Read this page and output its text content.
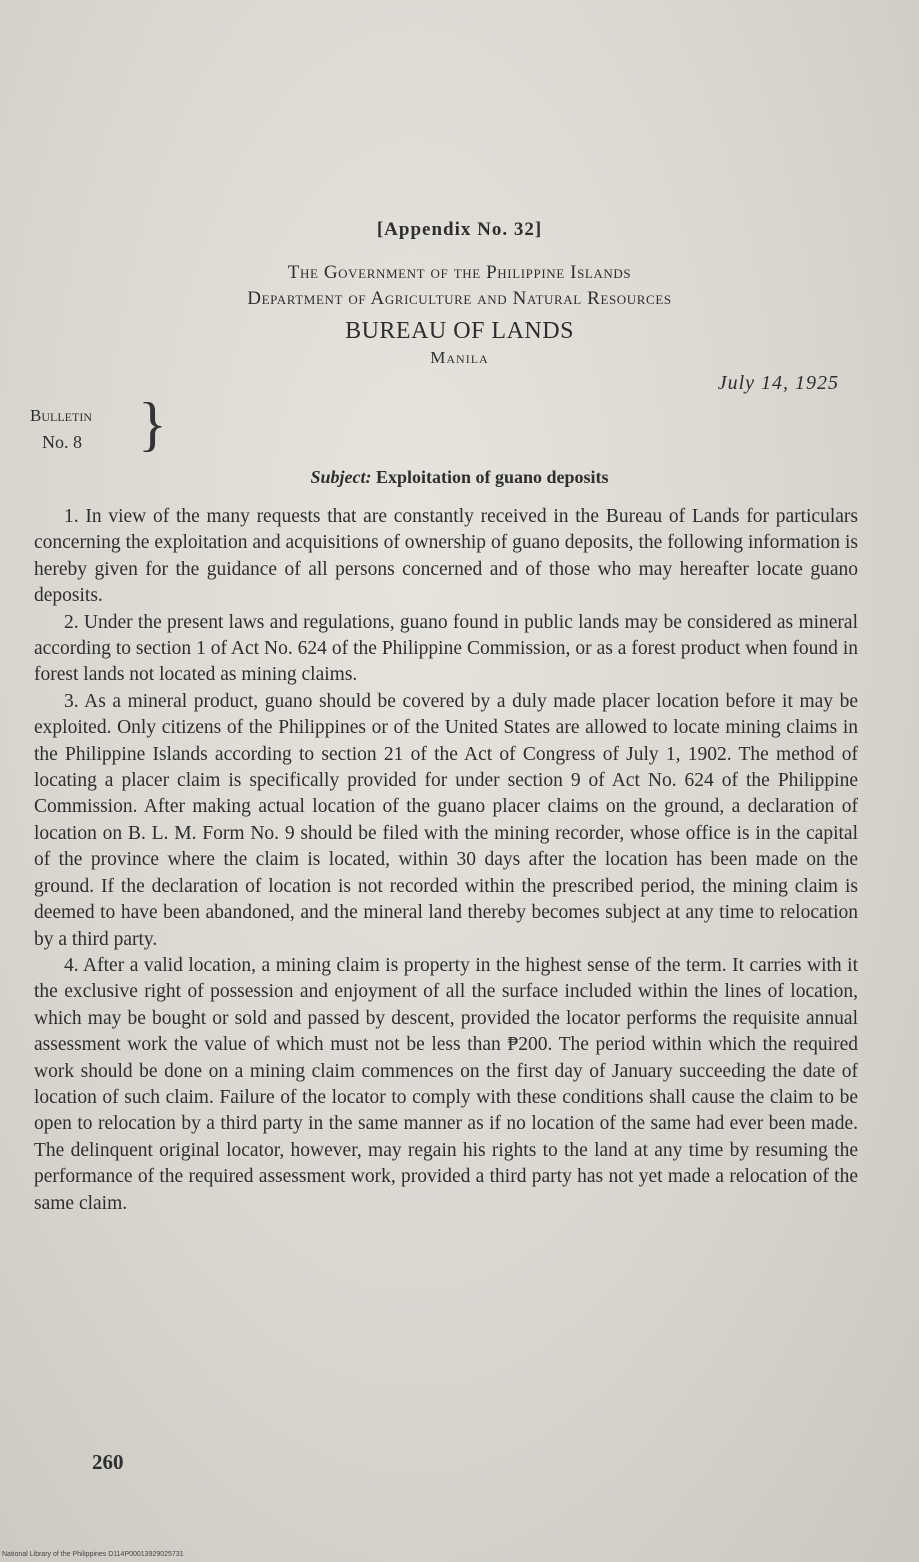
[Appendix No. 32]
The Government of the Philippine Islands
Department of Agriculture and Natural Resources
BUREAU OF LANDS
Manila
July 14, 1925
Bulletin
No. 8 }
Subject: Exploitation of guano deposits

1. In view of the many requests that are constantly received in the Bureau of Lands for particulars concerning the exploitation and acquisitions of ownership of guano deposits, the following information is hereby given for the guidance of all persons concerned and of those who may hereafter locate guano deposits.

2. Under the present laws and regulations, guano found in public lands may be considered as mineral according to section 1 of Act No. 624 of the Philippine Commission, or as a forest product when found in forest lands not located as mining claims.

3. As a mineral product, guano should be covered by a duly made placer location before it may be exploited. Only citizens of the Philippines or of the United States are allowed to locate mining claims in the Philippine Islands according to section 21 of the Act of Congress of July 1, 1902. The method of locating a placer claim is specifically provided for under section 9 of Act No. 624 of the Philippine Commission. After making actual location of the guano placer claims on the ground, a declaration of location on B. L. M. Form No. 9 should be filed with the mining recorder, whose office is in the capital of the province where the claim is located, within 30 days after the location has been made on the ground. If the declaration of location is not recorded within the prescribed period, the mining claim is deemed to have been abandoned, and the mineral land thereby becomes subject at any time to relocation by a third party.

4. After a valid location, a mining claim is property in the highest sense of the term. It carries with it the exclusive right of possession and enjoyment of all the surface included within the lines of location, which may be bought or sold and passed by descent, provided the locator performs the requisite annual assessment work the value of which must not be less than ₱200. The period within which the required work should be done on a mining claim commences on the first day of January succeeding the date of location of such claim. Failure of the locator to comply with these conditions shall cause the claim to be open to relocation by a third party in the same manner as if no location of the same had ever been made. The delinquent original locator, however, may regain his rights to the land at any time by resuming the performance of the required assessment work, provided a third party has not yet made a relocation of the same claim.

260
National Library of the Philippines D114P00013929025731
